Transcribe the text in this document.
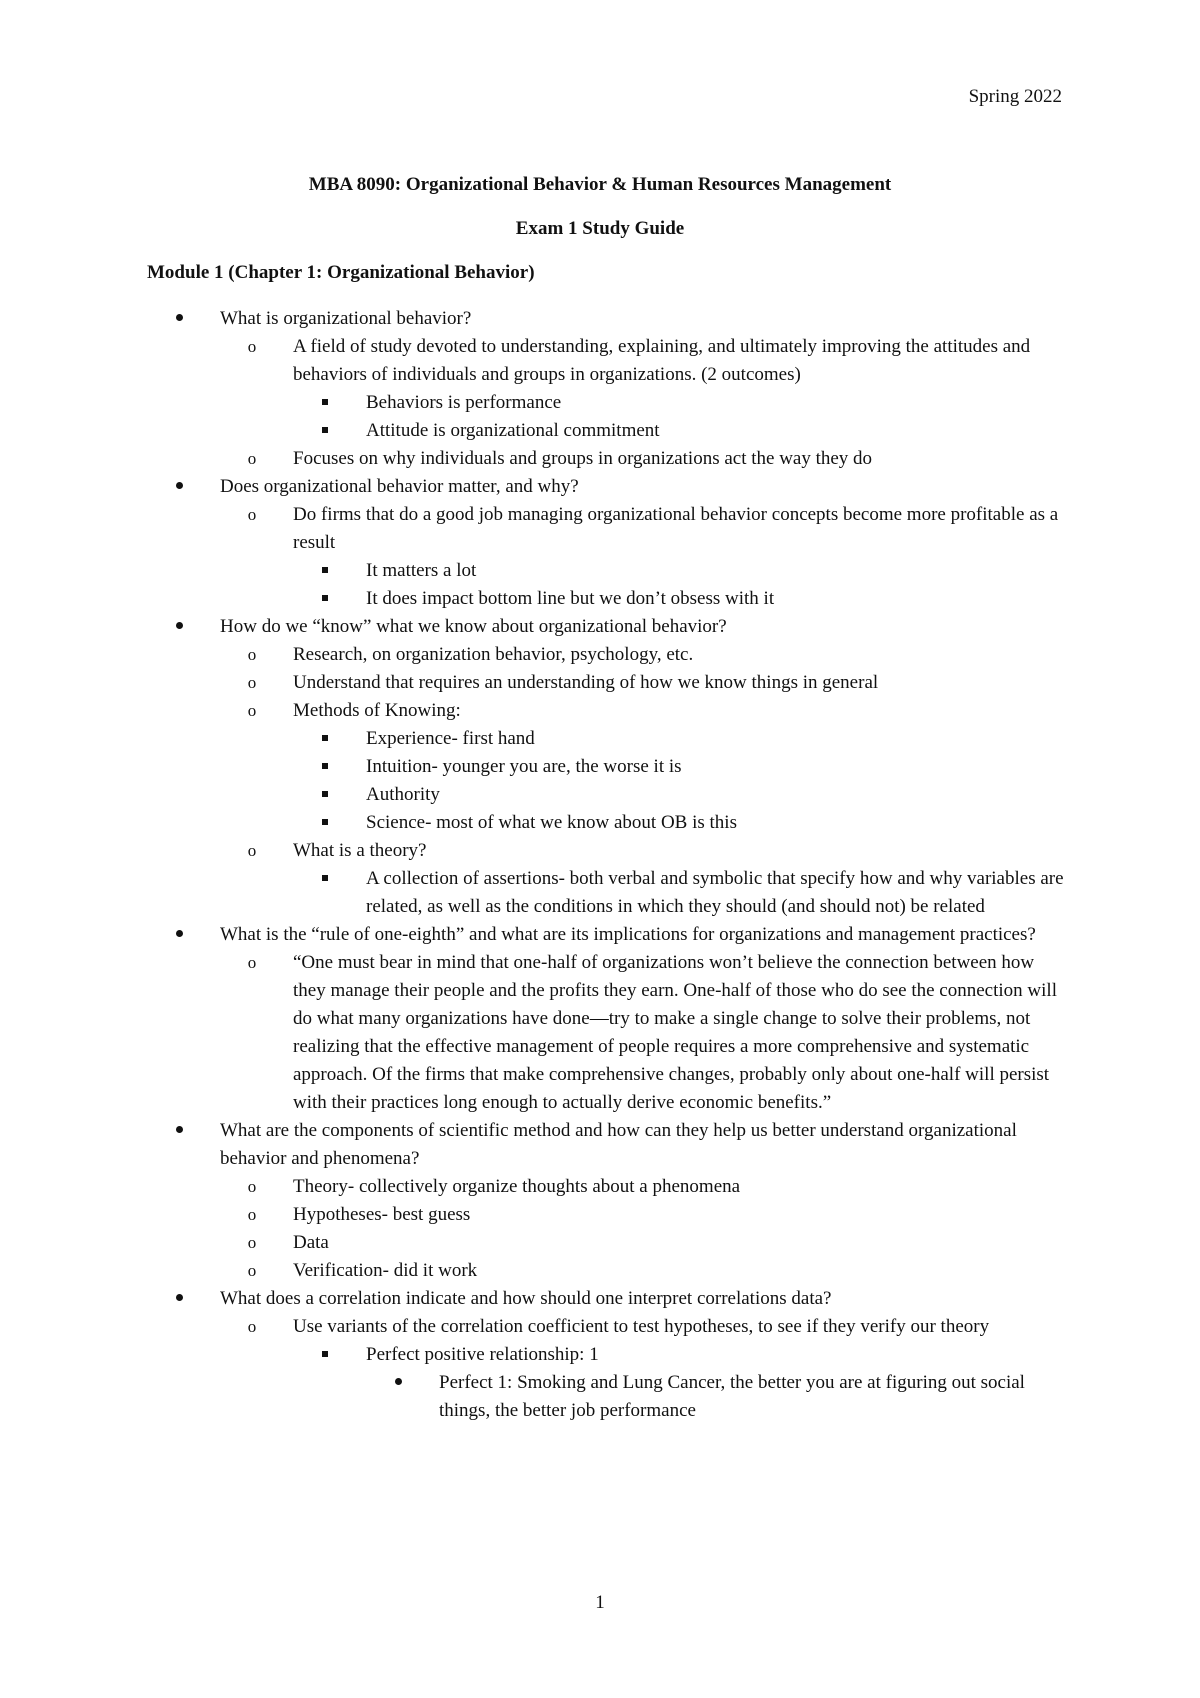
Spring 2022
MBA 8090: Organizational Behavior & Human Resources Management
Exam 1 Study Guide
Module 1 (Chapter 1: Organizational Behavior)
What is organizational behavior?
o	A field of study devoted to understanding, explaining, and ultimately improving the attitudes and behaviors of individuals and groups in organizations. (2 outcomes)
Behaviors is performance
Attitude is organizational commitment
o	Focuses on why individuals and groups in organizations act the way they do
Does organizational behavior matter, and why?
o	Do firms that do a good job managing organizational behavior concepts become more profitable as a result
It matters a lot
It does impact bottom line but we don’t obsess with it
How do we “know” what we know about organizational behavior?
o	Research, on organization behavior, psychology, etc.
o	Understand that requires an understanding of how we know things in general
o	Methods of Knowing:
Experience- first hand
Intuition- younger you are, the worse it is
Authority
Science- most of what we know about OB is this
o	What is a theory?
A collection of assertions- both verbal and symbolic that specify how and why variables are related, as well as the conditions in which they should (and should not) be related
What is the “rule of one-eighth” and what are its implications for organizations and management practices?
o	“One must bear in mind that one-half of organizations won’t believe the connection between how they manage their people and the profits they earn. One-half of those who do see the connection will do what many organizations have done—try to make a single change to solve their problems, not realizing that the effective management of people requires a more comprehensive and systematic approach. Of the firms that make comprehensive changes, probably only about one-half will persist with their practices long enough to actually derive economic benefits.”
What are the components of scientific method and how can they help us better understand organizational behavior and phenomena?
o	Theory- collectively organize thoughts about a phenomena
o	Hypotheses- best guess
o	Data
o	Verification- did it work
What does a correlation indicate and how should one interpret correlations data?
o	Use variants of the correlation coefficient to test hypotheses, to see if they verify our theory
Perfect positive relationship: 1
Perfect 1: Smoking and Lung Cancer, the better you are at figuring out social things, the better job performance
1
